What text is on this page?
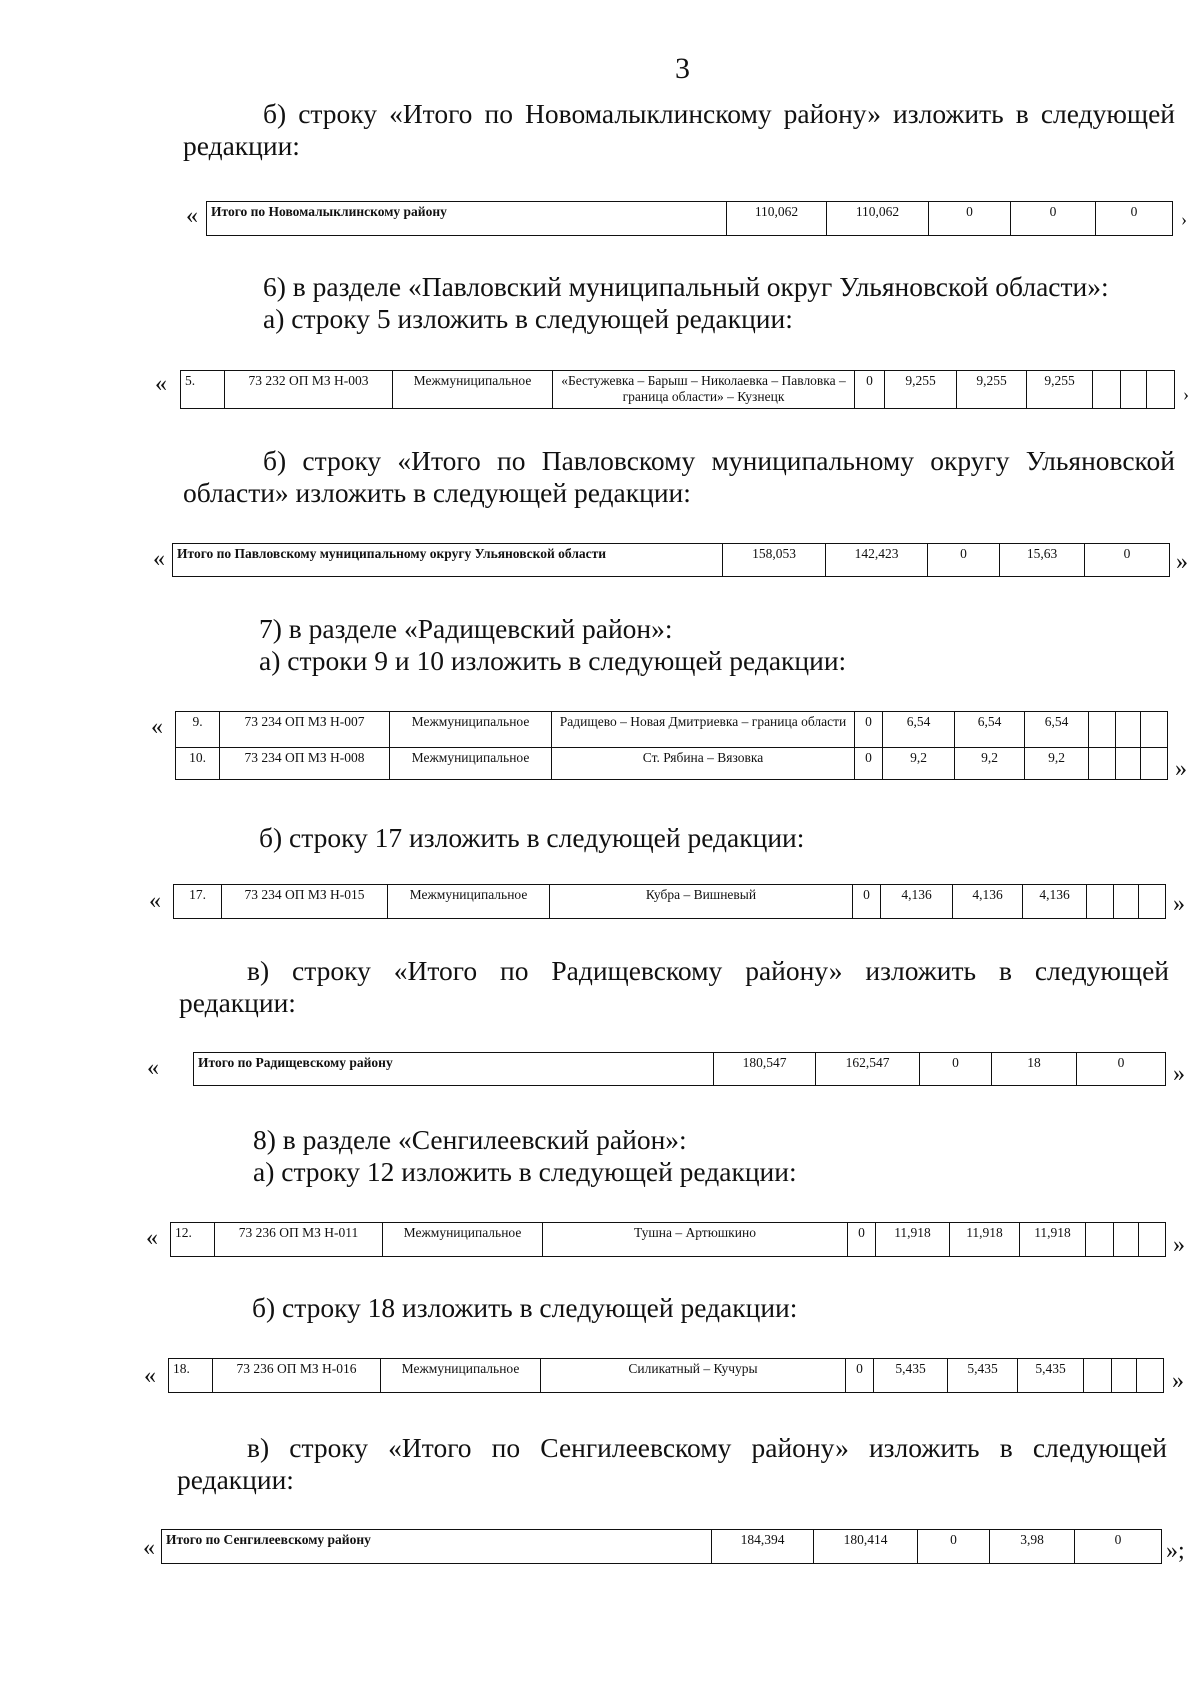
3
б) строку «Итого по Новомалыклинскому району» изложить в следующей
редакции:
« Итого по Новомалыклинскому району	110,062	110,062	0	0	0 ›
6) в разделе «Павловский муниципальный округ Ульяновской области»:
а) строку 5 изложить в следующей редакции:
« 5.	73 232 ОП МЗ Н-003	Межмуниципальное	«Бестужевка – Барыш – Николаевка – Павловка – граница области» – Кузнецк	0	9,255	9,255	9,255			
›
б) строку «Итого по Павловскому муниципальному округу Ульяновской
области» изложить в следующей редакции:
« Итого по Павловскому муниципальному округу Ульяновской области	158,053	142,423	0	15,63	0 »
7) в разделе «Радищевский район»:
а) строки 9 и 10 изложить в следующей редакции:
« 9.	73 234 ОП МЗ Н-007	Межмуниципальное	Радищево – Новая Дмитриевка – граница области	0	6,54	6,54	6,54			
10.	73 234 ОП МЗ Н-008	Межмуниципальное	Ст. Рябина – Вязовка	0	9,2	9,2	9,2				»
б) строку 17 изложить в следующей редакции:
« 17.	73 234 ОП МЗ Н-015	Межмуниципальное	Кубра – Вишневый	0	4,136	4,136	4,136				»
в) строку «Итого по Радищевскому району» изложить в следующей
редакции:
«	Итого по Радищевскому району	180,547	162,547	0	18	0 »
8) в разделе «Сенгилеевский район»:
а) строку 12 изложить в следующей редакции:
« 12.	73 236 ОП МЗ Н-011	Межмуниципальное	Тушна – Артюшкино	0	11,918	11,918	11,918				»
б) строку 18 изложить в следующей редакции:
« 18.	73 236 ОП МЗ Н-016	Межмуниципальное	Силикатный – Кучуры	0	5,435	5,435	5,435				»
в) строку «Итого по Сенгилеевскому району» изложить в следующей
редакции:
« Итого по Сенгилеевскому району	184,394	180,414	0	3,98	0 »;
